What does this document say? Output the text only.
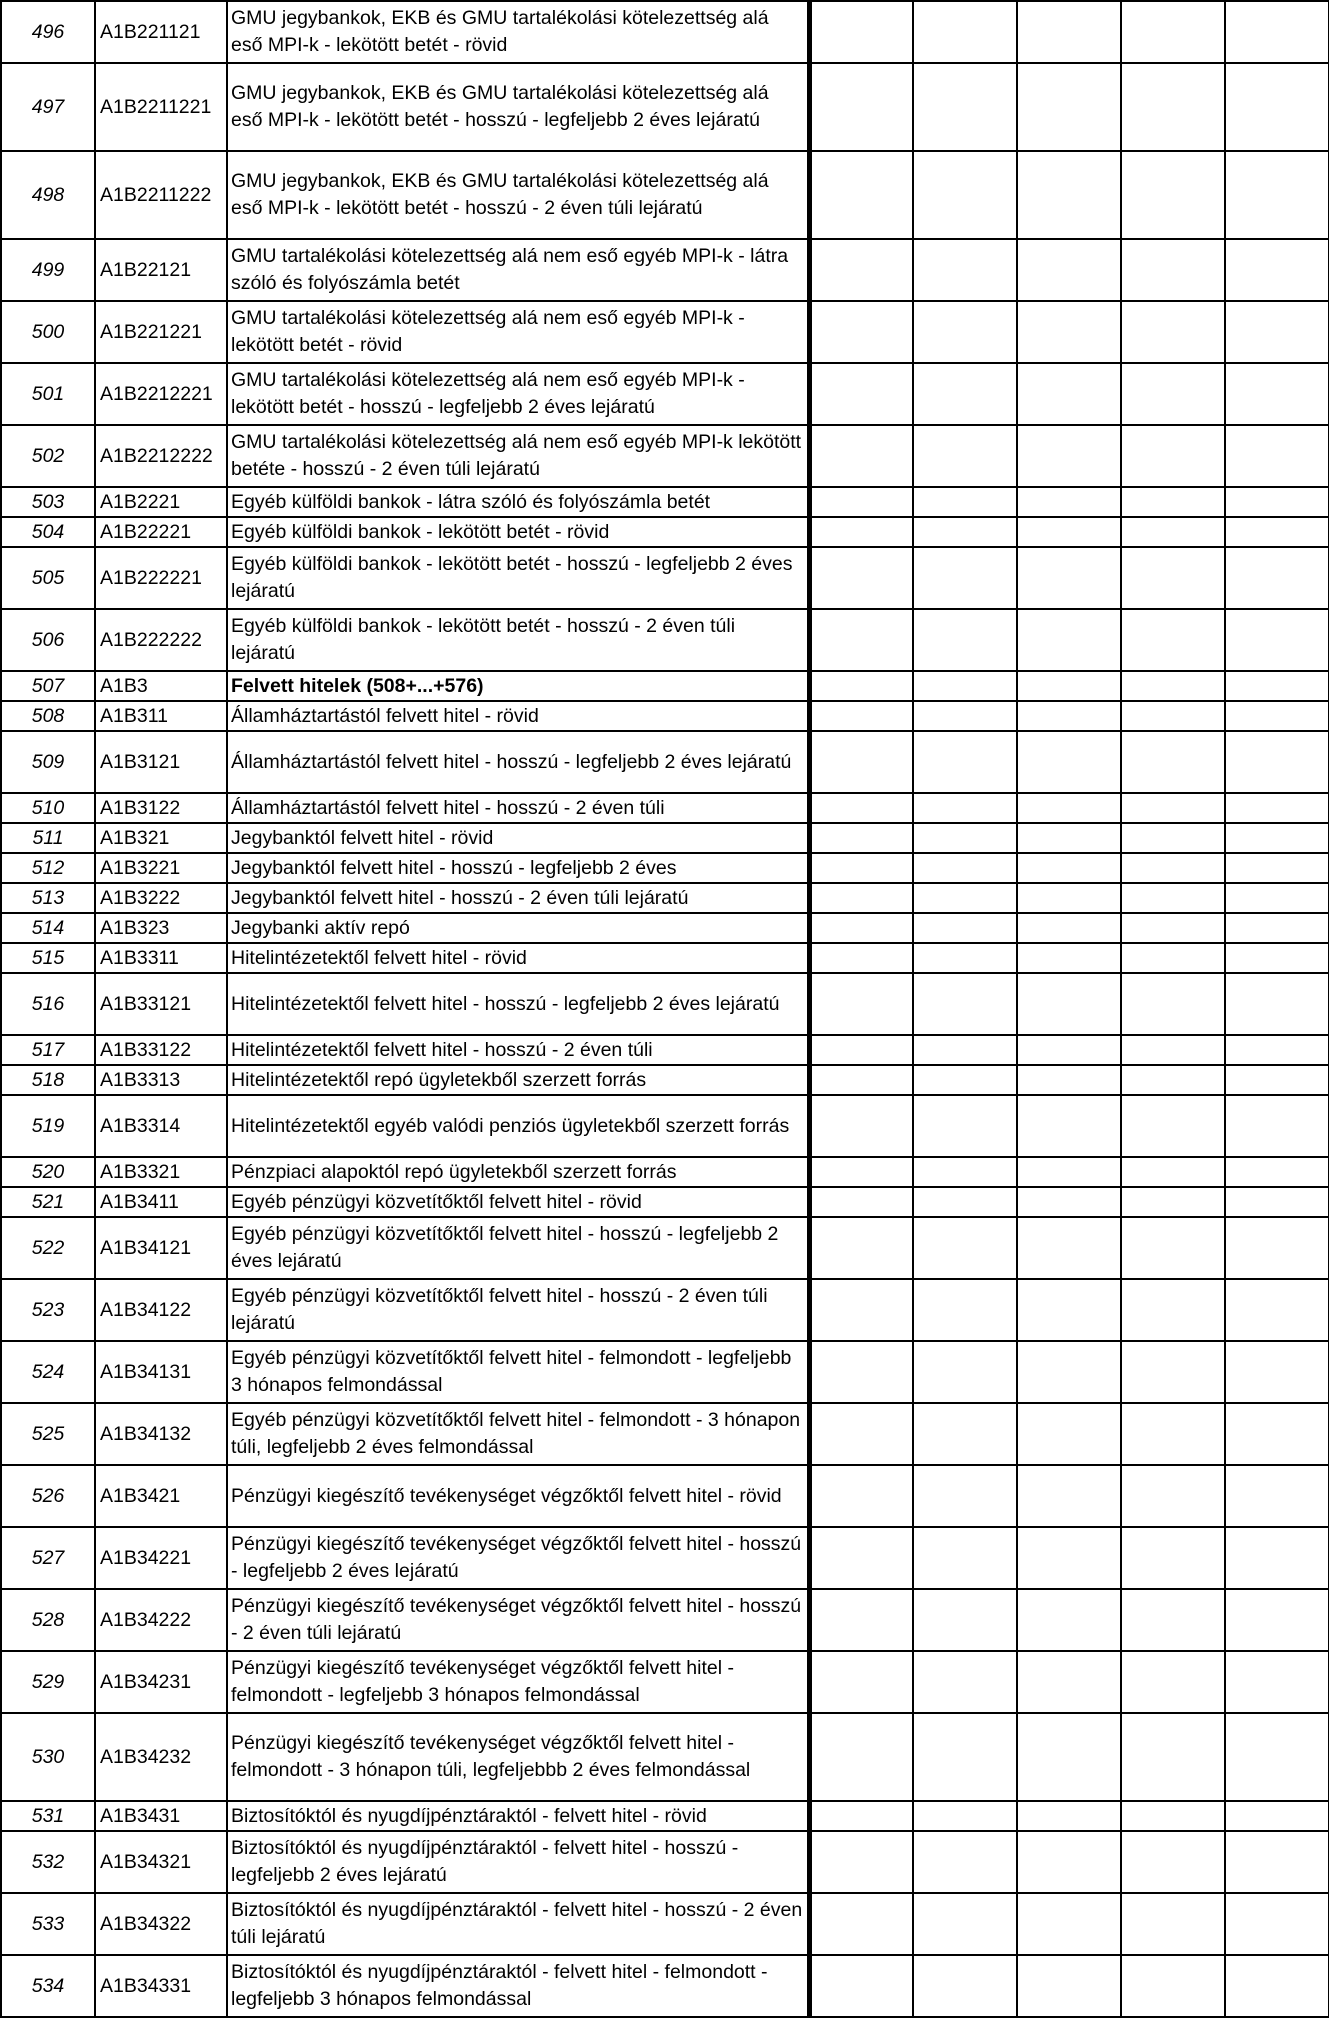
496	A1B221121	GMU jegybankok, EKB és GMU tartalékolási kötelezettség alá eső MPI-k - lekötött betét - rövid						
497	A1B2211221	GMU jegybankok, EKB és GMU tartalékolási kötelezettség alá eső MPI-k - lekötött betét - hosszú - legfeljebb 2 éves lejáratú						
498	A1B2211222	GMU jegybankok, EKB és GMU tartalékolási kötelezettség alá eső MPI-k - lekötött betét - hosszú - 2 éven túli lejáratú						
499	A1B22121	GMU tartalékolási kötelezettség alá nem eső egyéb MPI-k - látra szóló és folyószámla betét						
500	A1B221221	GMU tartalékolási kötelezettség alá nem eső egyéb MPI-k - lekötött betét - rövid						
501	A1B2212221	GMU tartalékolási kötelezettség alá nem eső egyéb MPI-k - lekötött betét - hosszú - legfeljebb 2 éves lejáratú						
502	A1B2212222	GMU tartalékolási kötelezettség alá nem eső egyéb MPI-k lekötött betéte - hosszú - 2 éven túli lejáratú						
503	A1B2221	Egyéb külföldi bankok - látra szóló és folyószámla betét						
504	A1B22221	Egyéb külföldi bankok - lekötött betét - rövid						
505	A1B222221	Egyéb külföldi bankok - lekötött betét - hosszú - legfeljebb 2 éves lejáratú						
506	A1B222222	Egyéb külföldi bankok - lekötött betét - hosszú - 2 éven túli lejáratú						
507	A1B3	Felvett hitelek (508+...+576)						
508	A1B311	Államháztartástól felvett hitel - rövid						
509	A1B3121	Államháztartástól felvett hitel - hosszú - legfeljebb 2 éves lejáratú						
510	A1B3122	Államháztartástól felvett hitel - hosszú - 2 éven túli						
511	A1B321	Jegybanktól felvett hitel - rövid						
512	A1B3221	Jegybanktól felvett hitel - hosszú - legfeljebb 2 éves						
513	A1B3222	Jegybanktól felvett hitel - hosszú - 2 éven túli lejáratú						
514	A1B323	Jegybanki aktív repó						
515	A1B3311	Hitelintézetektől felvett hitel - rövid						
516	A1B33121	Hitelintézetektől felvett hitel - hosszú - legfeljebb 2 éves lejáratú						
517	A1B33122	Hitelintézetektől felvett hitel - hosszú - 2 éven túli						
518	A1B3313	Hitelintézetektől repó ügyletekből szerzett forrás						
519	A1B3314	Hitelintézetektől egyéb valódi penziós ügyletekből szerzett forrás						
520	A1B3321	Pénzpiaci alapoktól repó ügyletekből szerzett forrás						
521	A1B3411	Egyéb pénzügyi közvetítőktől felvett hitel - rövid						
522	A1B34121	Egyéb pénzügyi közvetítőktől felvett hitel - hosszú - legfeljebb 2 éves lejáratú						
523	A1B34122	Egyéb pénzügyi közvetítőktől felvett hitel - hosszú - 2 éven túli lejáratú						
524	A1B34131	Egyéb pénzügyi közvetítőktől felvett hitel - felmondott - legfeljebb 3 hónapos felmondással						
525	A1B34132	Egyéb pénzügyi közvetítőktől felvett hitel - felmondott - 3 hónapon túli, legfeljebb 2 éves felmondással						
526	A1B3421	Pénzügyi kiegészítő tevékenységet végzőktől felvett hitel - rövid						
527	A1B34221	Pénzügyi kiegészítő tevékenységet végzőktől felvett hitel - hosszú - legfeljebb 2 éves lejáratú						
528	A1B34222	Pénzügyi kiegészítő tevékenységet végzőktől felvett hitel - hosszú - 2 éven túli lejáratú						
529	A1B34231	Pénzügyi kiegészítő tevékenységet végzőktől felvett hitel - felmondott - legfeljebb 3 hónapos felmondással						
530	A1B34232	Pénzügyi kiegészítő tevékenységet végzőktől felvett hitel - felmondott - 3 hónapon túli, legfeljebbb 2 éves felmondással						
531	A1B3431	Biztosítóktól és nyugdíjpénztáraktól - felvett hitel - rövid						
532	A1B34321	Biztosítóktól és nyugdíjpénztáraktól - felvett hitel - hosszú - legfeljebb 2 éves lejáratú						
533	A1B34322	Biztosítóktól és nyugdíjpénztáraktól - felvett hitel - hosszú - 2 éven túli lejáratú						
534	A1B34331	Biztosítóktól és nyugdíjpénztáraktól - felvett hitel - felmondott - legfeljebb 3 hónapos felmondással						
